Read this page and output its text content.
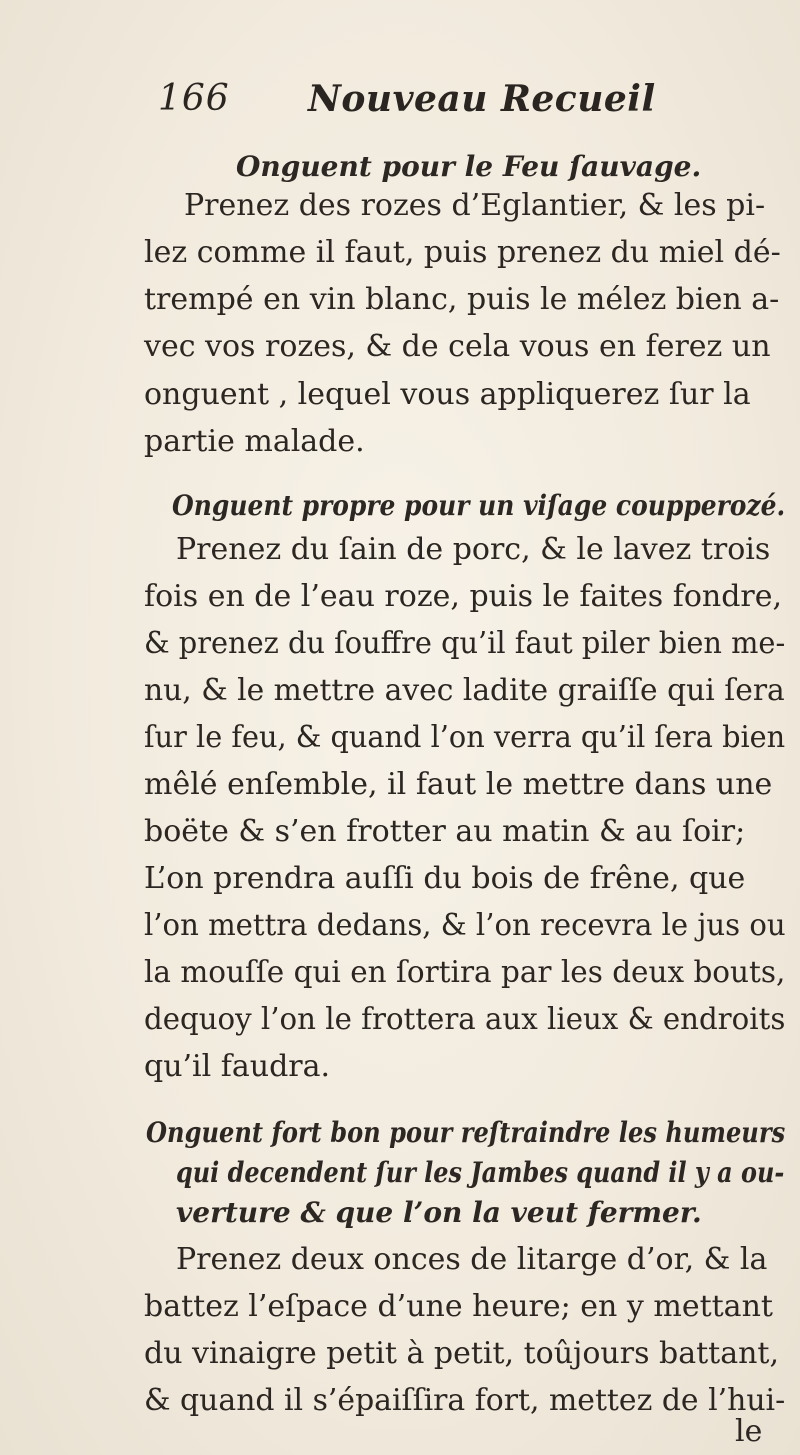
166 Nouveau Recueil
Onguent pour le Feu ſauvage.
Prenez des rozes d’Eglantier, & les pi-
lez comme il faut, puis prenez du miel dé-
trempé en vin blanc, puis le mélez bien a-
vec vos rozes, & de cela vous en ferez un
onguent , lequel vous appliquerez ſur la
partie malade.
Onguent propre pour un viſage coupperozé.
Prenez du ſain de porc, & le lavez trois
fois en de l’eau roze, puis le faites fondre,
& prenez du ſouffre qu’il faut piler bien me-
nu, & le mettre avec ladite graiſſe qui ſera
ſur le feu, & quand l’on verra qu’il ſera bien
mêlé enſemble, il faut le mettre dans une
boëte & s’en frotter au matin & au ſoir;
L’on prendra auſſi du bois de frêne, que
l’on mettra dedans, & l’on recevra le jus ou
la mouſſe qui en ſortira par les deux bouts,
dequoy l’on le frottera aux lieux & endroits
qu’il faudra.
Onguent fort bon pour reſtraindre les humeurs
qui decendent ſur les Jambes quand il y a ou-
verture & que l’on la veut fermer.
Prenez deux onces de litarge d’or, & la
battez l’eſpace d’une heure; en y mettant
du vinaigre petit à petit, toûjours battant,
& quand il s’épaiſſira fort, mettez de l’hui-
le
